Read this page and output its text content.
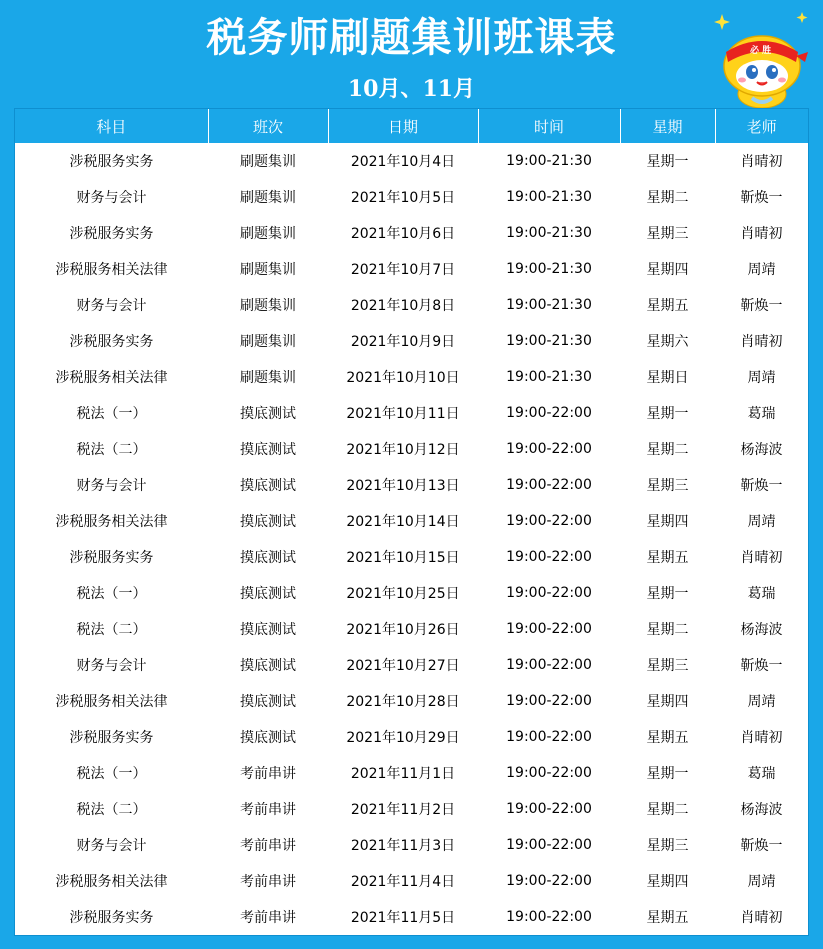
税务师刷题集训班课表
10月、11月
必 胜
科目	班次	日期	时间	星期	老师
涉税服务实务	刷题集训	2021年10月4日	19:00-21:30	星期一	肖晴初
财务与会计	刷题集训	2021年10月5日	19:00-21:30	星期二	靳焕一
涉税服务实务	刷题集训	2021年10月6日	19:00-21:30	星期三	肖晴初
涉税服务相关法律	刷题集训	2021年10月7日	19:00-21:30	星期四	周靖
财务与会计	刷题集训	2021年10月8日	19:00-21:30	星期五	靳焕一
涉税服务实务	刷题集训	2021年10月9日	19:00-21:30	星期六	肖晴初
涉税服务相关法律	刷题集训	2021年10月10日	19:00-21:30	星期日	周靖
税法（一）	摸底测试	2021年10月11日	19:00-22:00	星期一	葛瑞
税法（二）	摸底测试	2021年10月12日	19:00-22:00	星期二	杨海波
财务与会计	摸底测试	2021年10月13日	19:00-22:00	星期三	靳焕一
涉税服务相关法律	摸底测试	2021年10月14日	19:00-22:00	星期四	周靖
涉税服务实务	摸底测试	2021年10月15日	19:00-22:00	星期五	肖晴初
税法（一）	摸底测试	2021年10月25日	19:00-22:00	星期一	葛瑞
税法（二）	摸底测试	2021年10月26日	19:00-22:00	星期二	杨海波
财务与会计	摸底测试	2021年10月27日	19:00-22:00	星期三	靳焕一
涉税服务相关法律	摸底测试	2021年10月28日	19:00-22:00	星期四	周靖
涉税服务实务	摸底测试	2021年10月29日	19:00-22:00	星期五	肖晴初
税法（一）	考前串讲	2021年11月1日	19:00-22:00	星期一	葛瑞
税法（二）	考前串讲	2021年11月2日	19:00-22:00	星期二	杨海波
财务与会计	考前串讲	2021年11月3日	19:00-22:00	星期三	靳焕一
涉税服务相关法律	考前串讲	2021年11月4日	19:00-22:00	星期四	周靖
涉税服务实务	考前串讲	2021年11月5日	19:00-22:00	星期五	肖晴初
